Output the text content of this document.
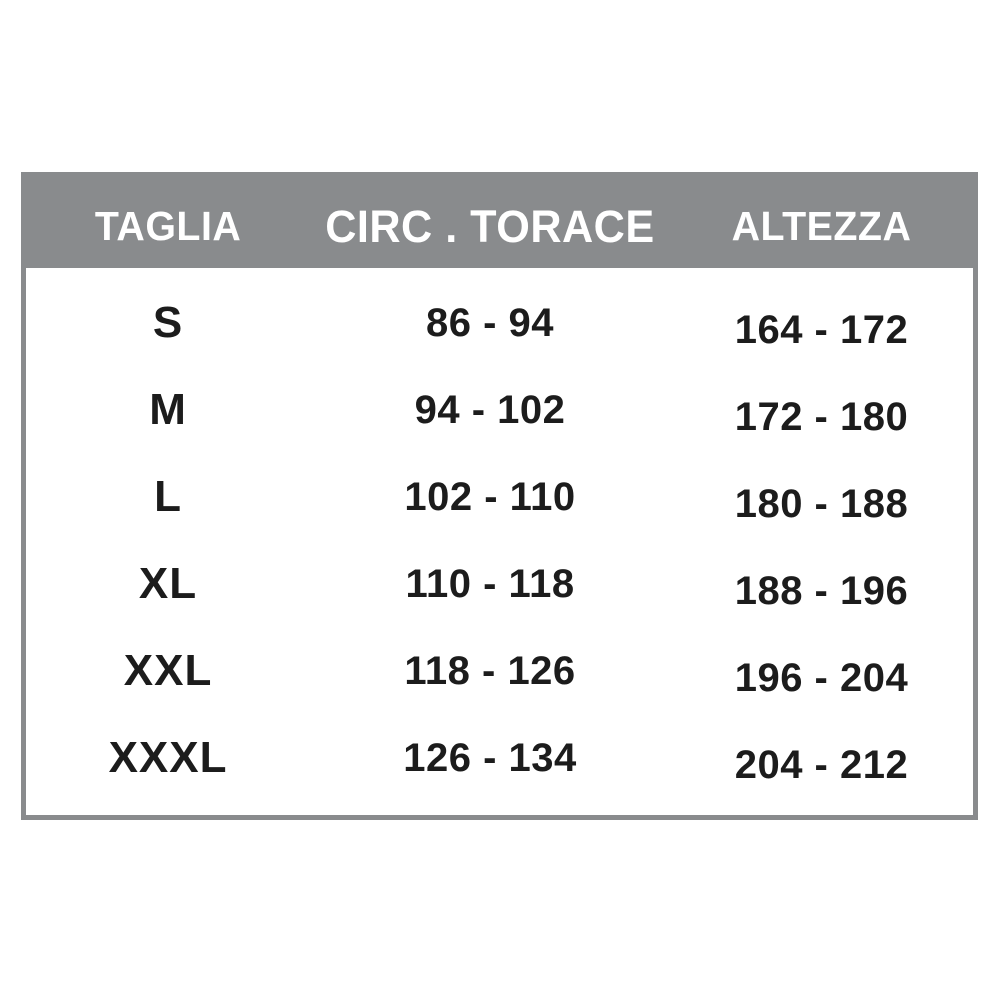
TAGLIA	CIRC . TORACE	ALTEZZA
S	86 - 94	164 - 172
M	94 - 102	172 - 180
L	102 - 110	180 - 188
XL	110 - 118	188 - 196
XXL	118 - 126	196 - 204
XXXL	126 - 134	204 - 212
